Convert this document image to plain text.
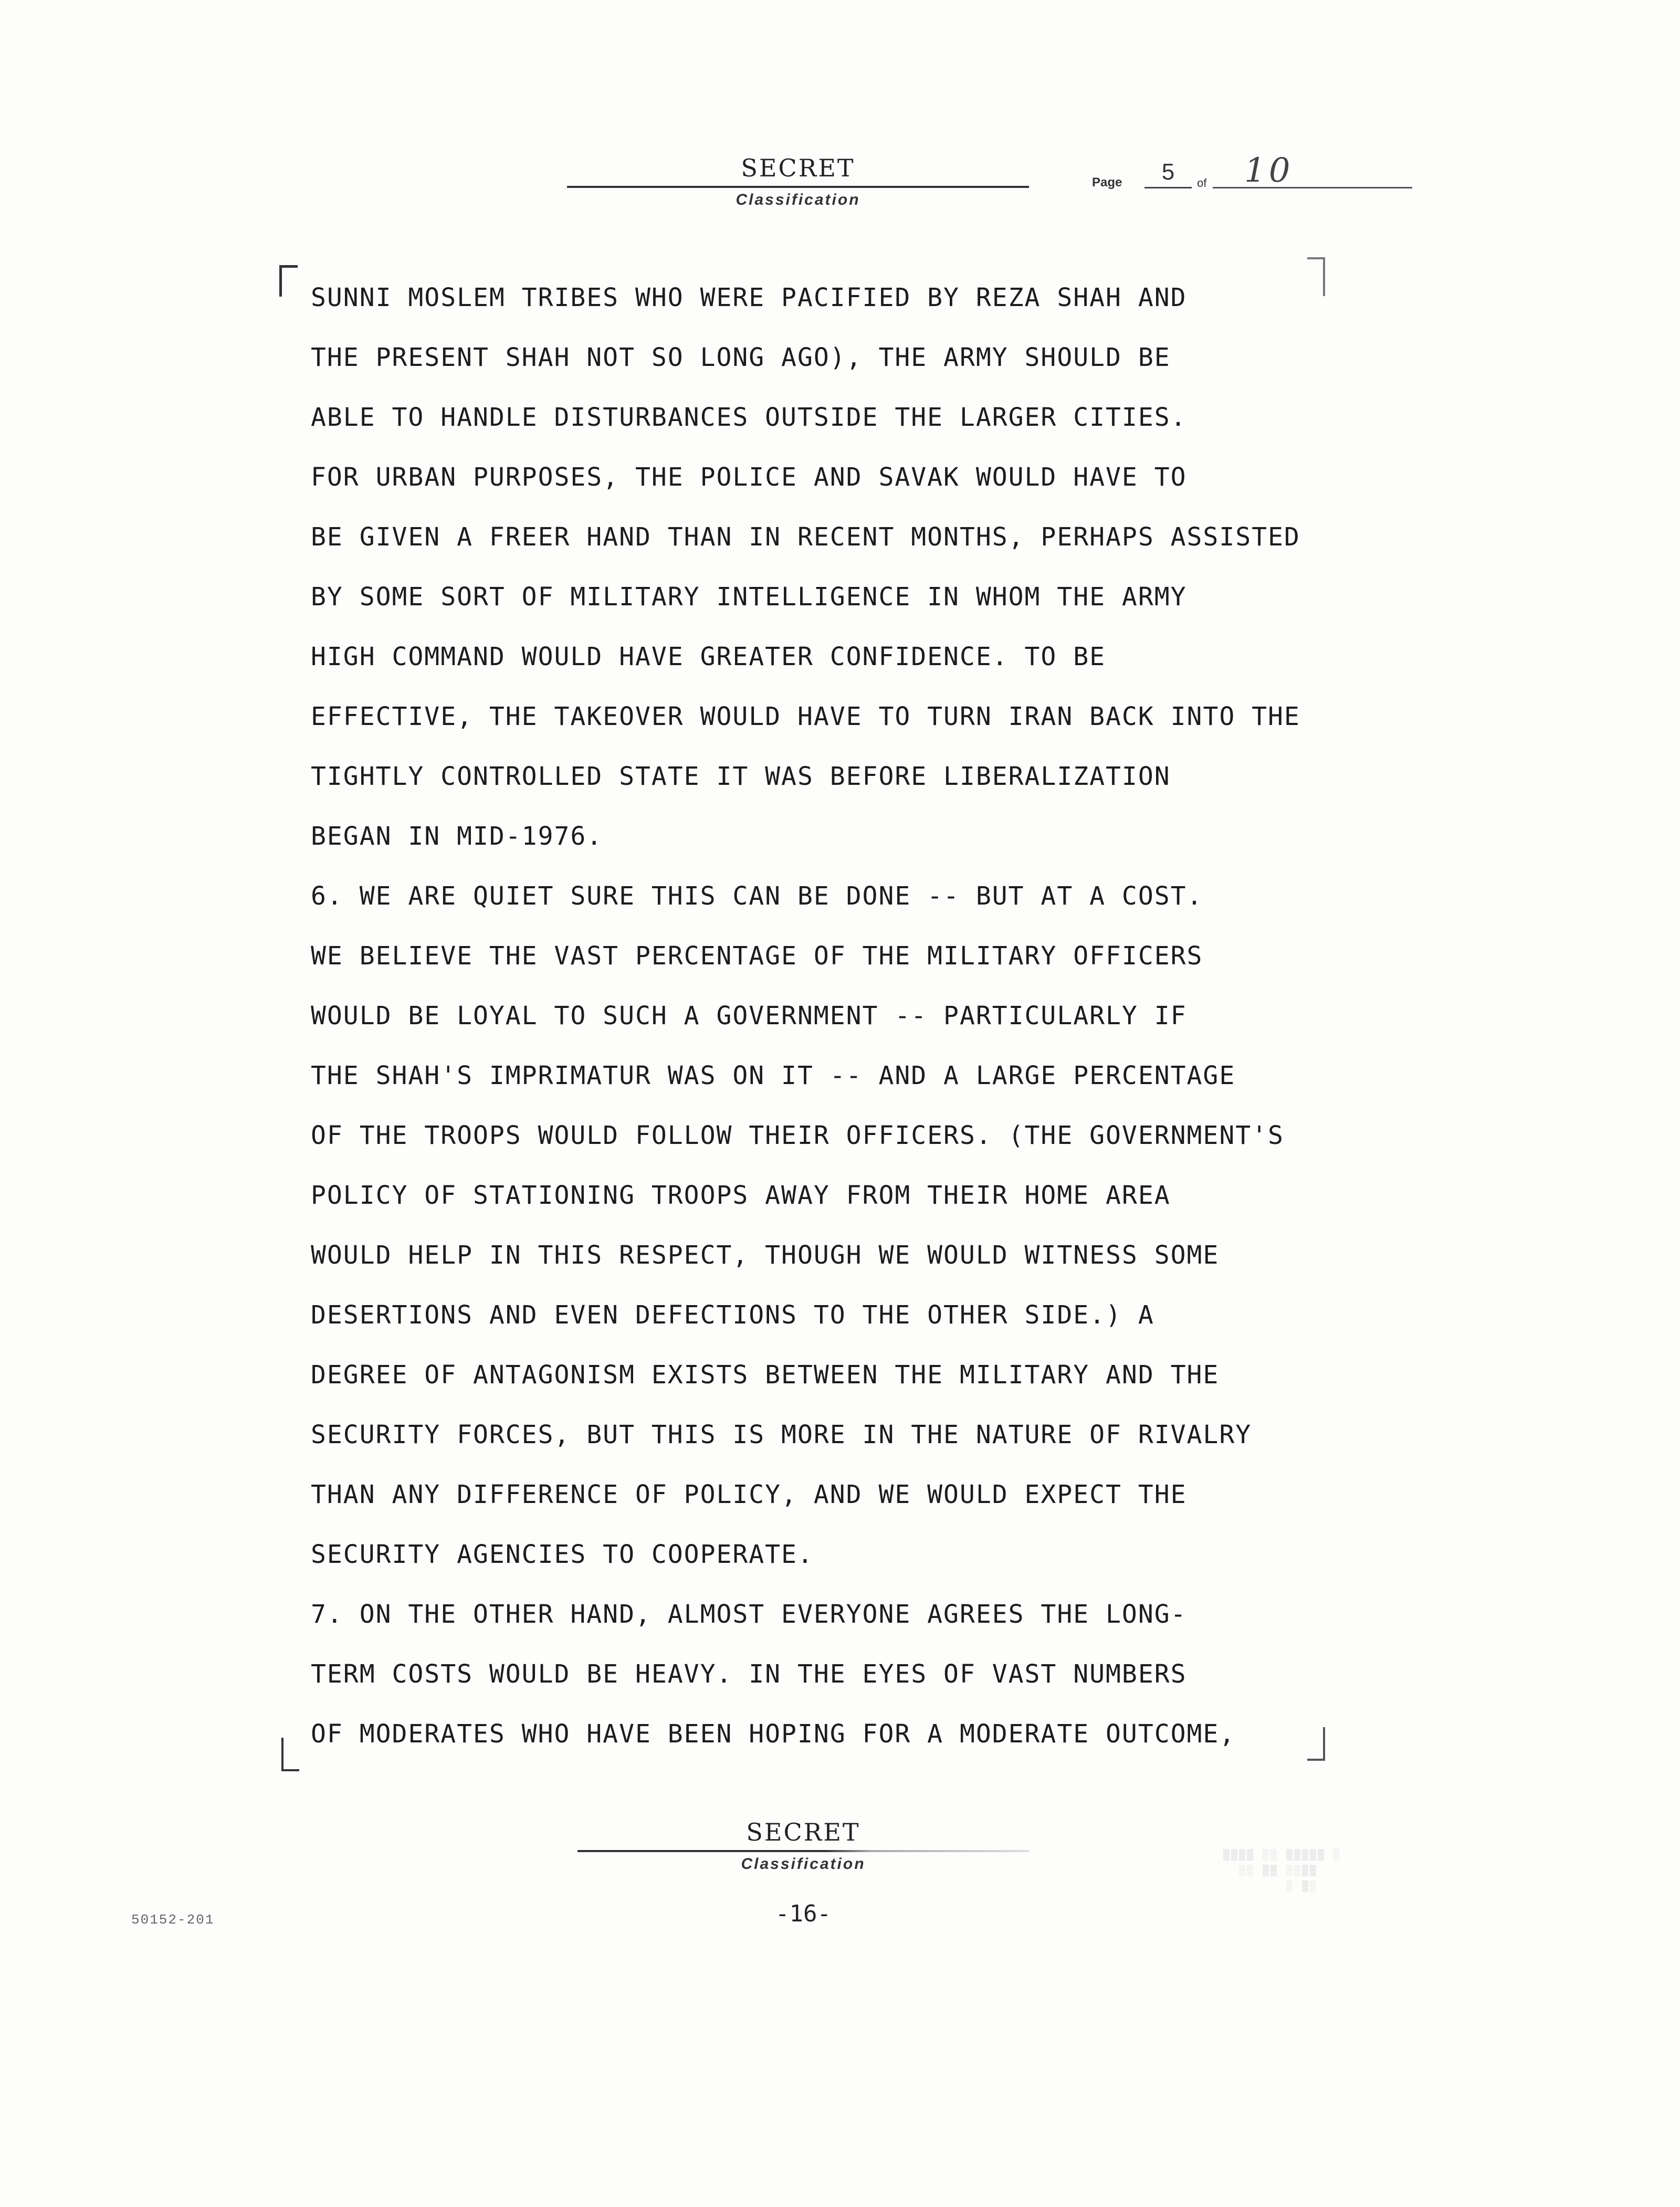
SECRET
Classification
Page	5	of	10
SUNNI MOSLEM TRIBES WHO WERE PACIFIED BY REZA SHAH AND
THE PRESENT SHAH NOT SO LONG AGO), THE ARMY SHOULD BE
ABLE TO HANDLE DISTURBANCES OUTSIDE THE LARGER CITIES.
FOR URBAN PURPOSES, THE POLICE AND SAVAK WOULD HAVE TO
BE GIVEN A FREER HAND THAN IN RECENT MONTHS, PERHAPS ASSISTED
BY SOME SORT OF MILITARY INTELLIGENCE IN WHOM THE ARMY
HIGH COMMAND WOULD HAVE GREATER CONFIDENCE. TO BE
EFFECTIVE, THE TAKEOVER WOULD HAVE TO TURN IRAN BACK INTO THE
TIGHTLY CONTROLLED STATE IT WAS BEFORE LIBERALIZATION
BEGAN IN MID-1976.
6. WE ARE QUIET SURE THIS CAN BE DONE -- BUT AT A COST.
WE BELIEVE THE VAST PERCENTAGE OF THE MILITARY OFFICERS
WOULD BE LOYAL TO SUCH A GOVERNMENT -- PARTICULARLY IF
THE SHAH'S IMPRIMATUR WAS ON IT -- AND A LARGE PERCENTAGE
OF THE TROOPS WOULD FOLLOW THEIR OFFICERS. (THE GOVERNMENT'S
POLICY OF STATIONING TROOPS AWAY FROM THEIR HOME AREA
WOULD HELP IN THIS RESPECT, THOUGH WE WOULD WITNESS SOME
DESERTIONS AND EVEN DEFECTIONS TO THE OTHER SIDE.) A
DEGREE OF ANTAGONISM EXISTS BETWEEN THE MILITARY AND THE
SECURITY FORCES, BUT THIS IS MORE IN THE NATURE OF RIVALRY
THAN ANY DIFFERENCE OF POLICY, AND WE WOULD EXPECT THE
SECURITY AGENCIES TO COOPERATE.
7. ON THE OTHER HAND, ALMOST EVERYONE AGREES THE LONG-
TERM COSTS WOULD BE HEAVY. IN THE EYES OF VAST NUMBERS
OF MODERATES WHO HAVE BEEN HOPING FOR A MODERATE OUTCOME,
SECRET
Classification
-16-
50152-201
▒▒▒▒ ░░ ▒▒▒▒▒ ░
░░ ▒▒ ░░▒▒
░ ▒░
